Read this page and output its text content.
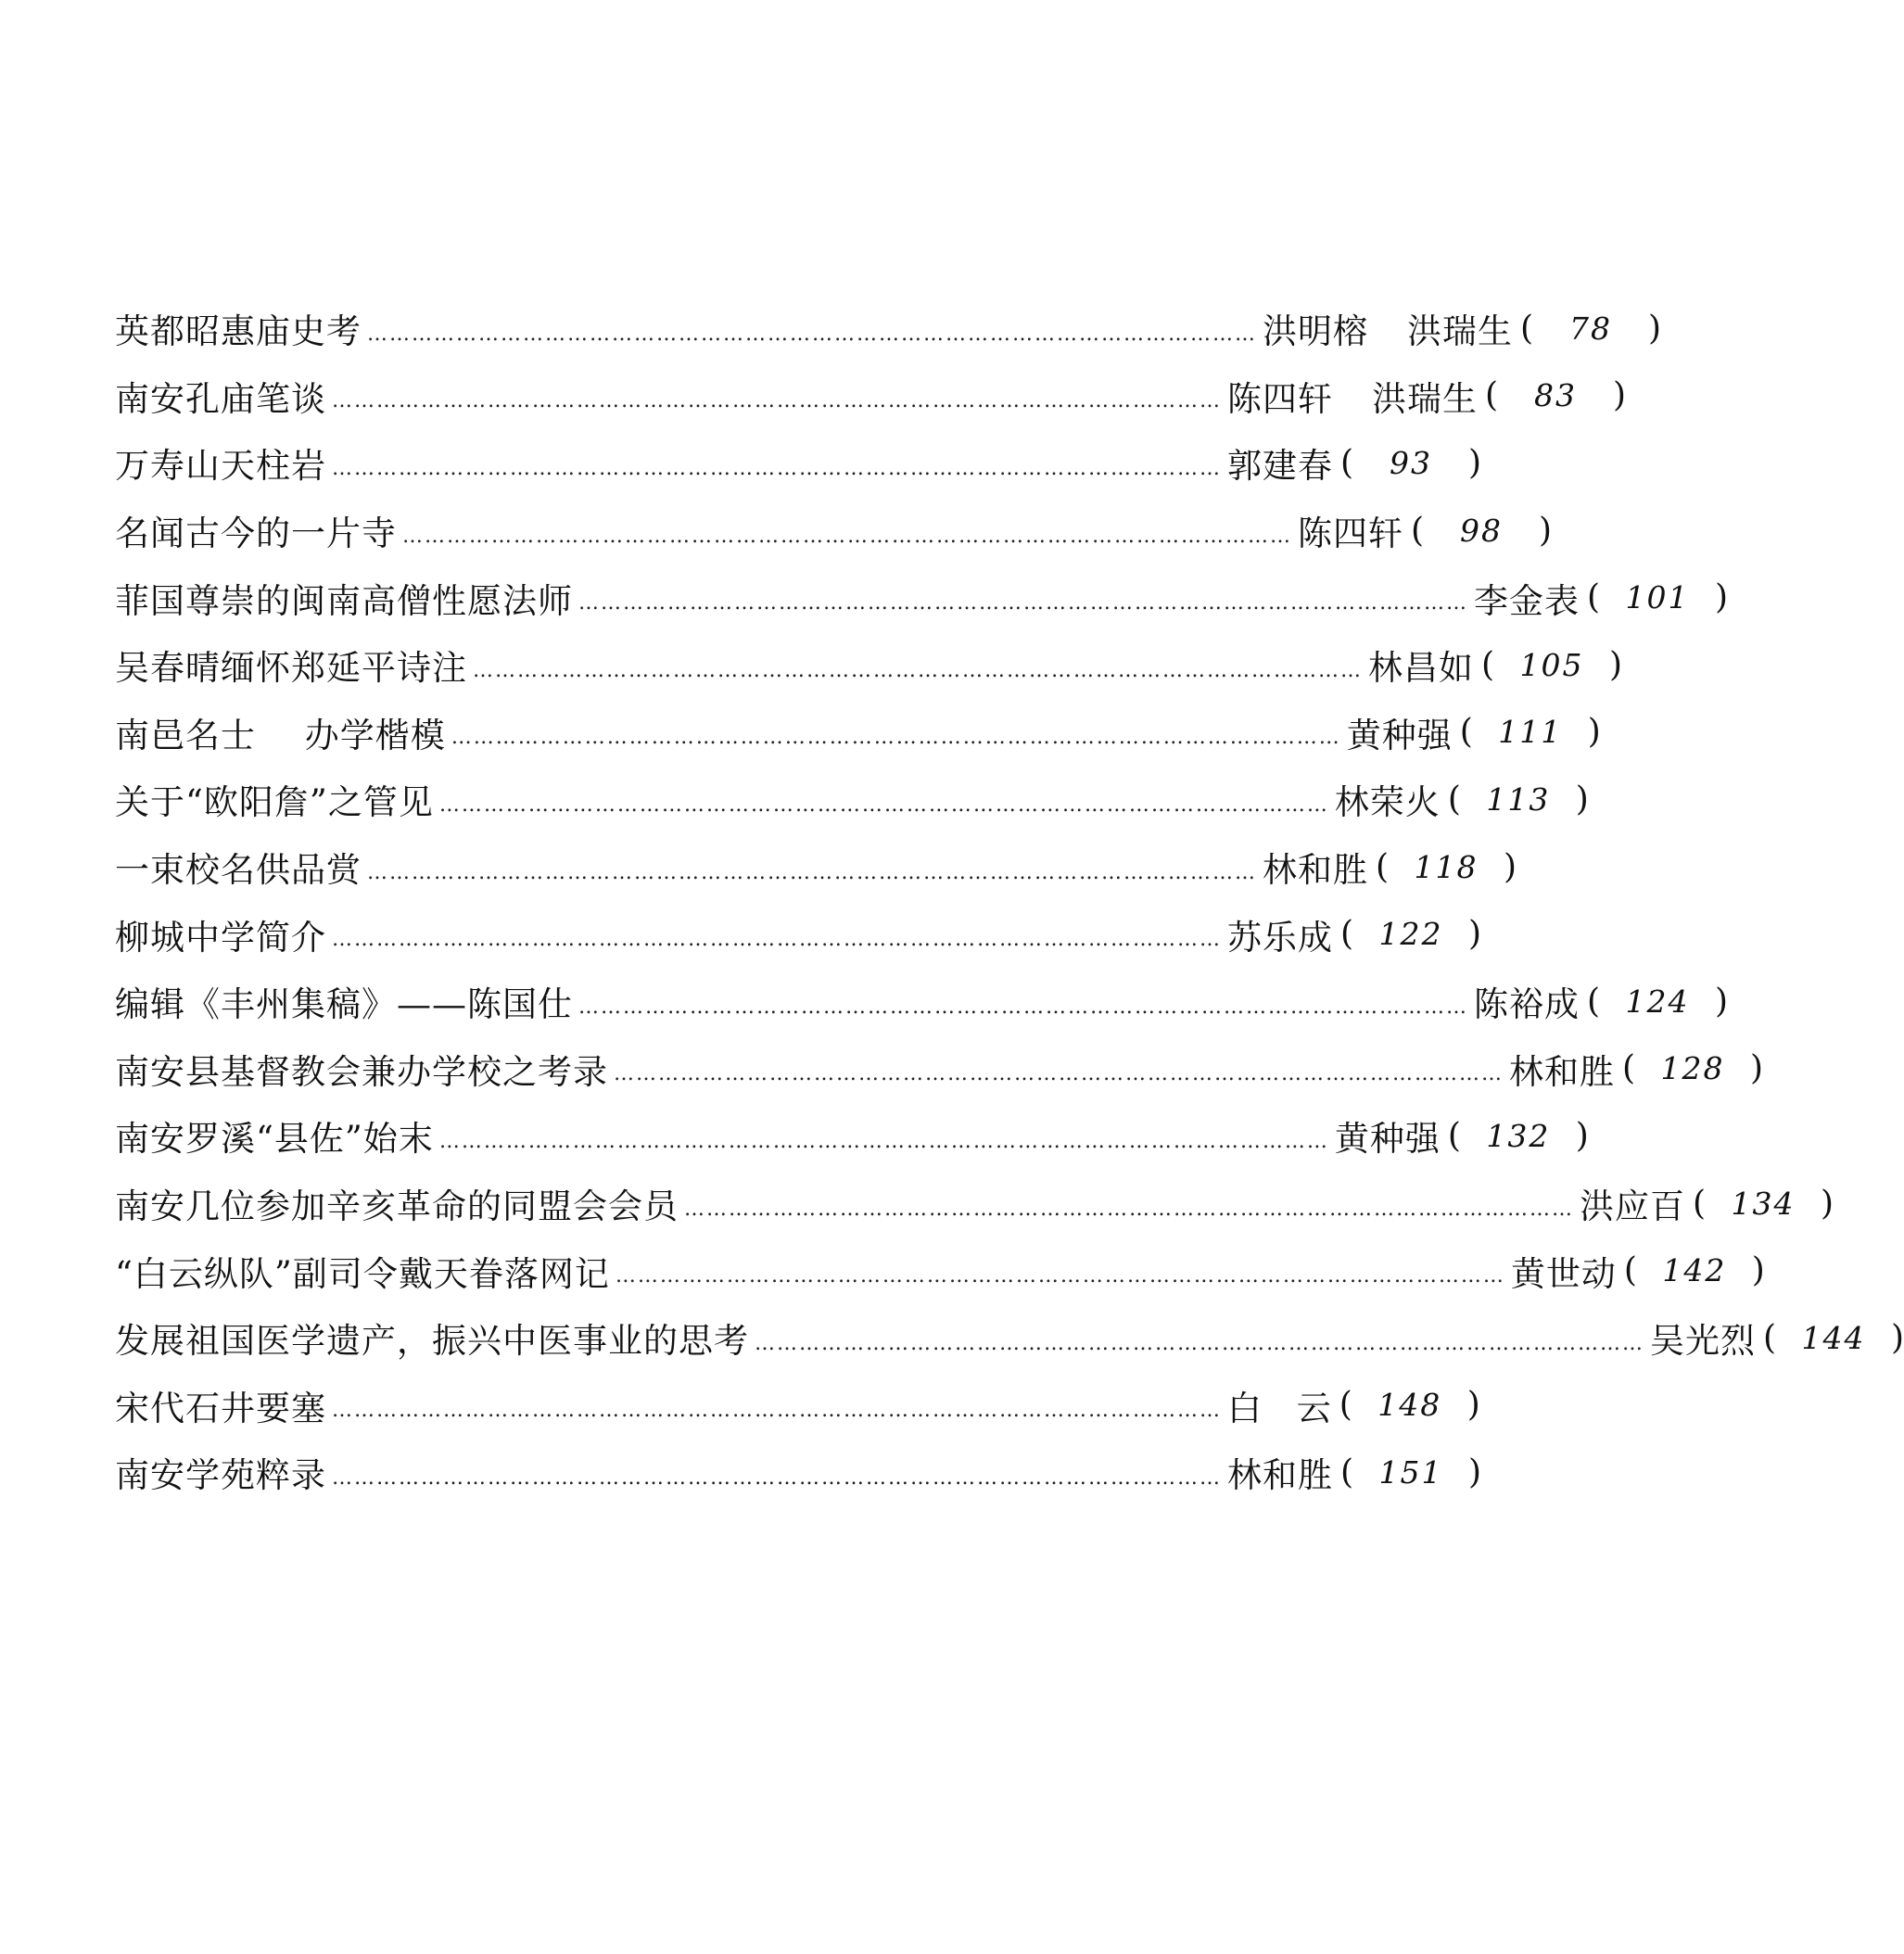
英都昭惠庙史考 ………………………………………………………………………………………………………… 洪明榕 洪瑞生 (	78	)
南安孔庙笔谈 ………………………………………………………………………………………………………… 陈四轩 洪瑞生 (	83	)
万寿山天柱岩 ………………………………………………………………………………………………………… 郭建春 (	93	)
名闻古今的一片寺 ………………………………………………………………………………………………………… 陈四轩 (	98	)
菲国尊崇的闽南高僧性愿法师 ………………………………………………………………………………………………………… 李金表 ( 101 )
吴春晴缅怀郑延平诗注 ………………………………………………………………………………………………………… 林昌如 ( 105 )
南邑名士 办学楷模 ………………………………………………………………………………………………………… 黄种强 ( 111 )
关于“欧阳詹”之管见 ………………………………………………………………………………………………………… 林荣火 ( 113 )
一束校名供品赏 ………………………………………………………………………………………………………… 林和胜 ( 118 )
柳城中学简介 ………………………………………………………………………………………………………… 苏乐成 ( 122 )
编辑《丰州集稿》——陈国仕 ………………………………………………………………………………………………………… 陈裕成 ( 124 )
南安县基督教会兼办学校之考录 ………………………………………………………………………………………………………… 林和胜 ( 128 )
南安罗溪“县佐”始末 ………………………………………………………………………………………………………… 黄种强 ( 132 )
南安几位参加辛亥革命的同盟会会员 ………………………………………………………………………………………………………… 洪应百 ( 134 )
“白云纵队”副司令戴天眷落网记 ………………………………………………………………………………………………………… 黄世动 ( 142 )
发展祖国医学遗产，振兴中医事业的思考 ………………………………………………………………………………………………………… 吴光烈 ( 144 )
宋代石井要塞 ………………………………………………………………………………………………………… 白 云 ( 148 )
南安学苑粹录 ………………………………………………………………………………………………………… 林和胜 ( 151 )
